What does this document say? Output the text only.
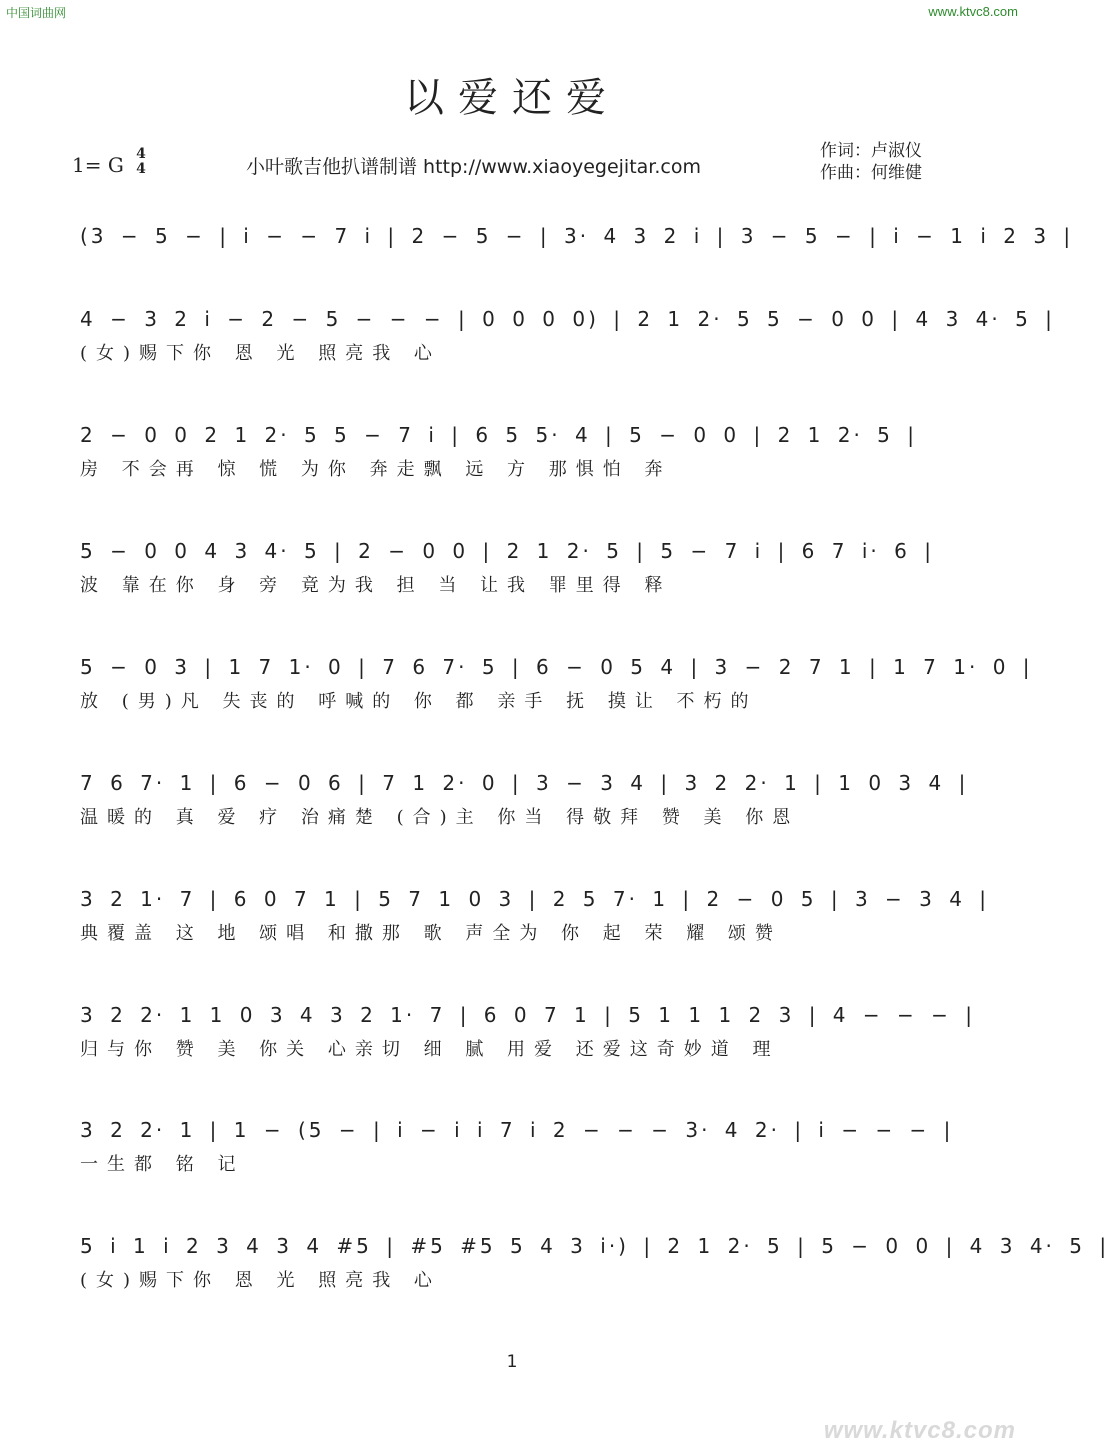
中国词曲网	www.ktvc8.com
以爱还爱
1= G 4
4	小叶歌吉他扒谱制谱 http://www.xiaoyegejitar.com
作词：卢淑仪
作曲：何维健
(3 − 5 − | i − − 7 i | 2 − 5 − | 3· 4 3 2 i | 3 − 5 − | i − 1 i 2 3 |
4 − 3 2 i − 2 − 5 − − − | 0 0 0 0) | 2 1 2· 5 5 − 0 0 | 4 3 4· 5 |
(女)赐下你 恩 光 照亮我 心
2 − 0 0 2 1 2· 5 5 − 7 i | 6 5 5· 4 | 5 − 0 0 | 2 1 2· 5 |
房 不会再 惊 慌 为你 奔走飘 远 方 那惧怕 奔
5 − 0 0 4 3 4· 5 | 2 − 0 0 | 2 1 2· 5 | 5 − 7 i | 6 7 i· 6 |
波 靠在你 身 旁 竟为我 担 当 让我 罪里得 释
5 − 0 3 | 1 7 1· 0 | 7 6 7· 5 | 6 − 0 5 4 | 3 − 2 7 1 | 1 7 1· 0 |
放 (男)凡 失丧的 呼喊的 你 都 亲手 抚 摸让 不朽的
7 6 7· 1 | 6 − 0 6 | 7 1 2· 0 | 3 − 3 4 | 3 2 2· 1 | 1 0 3 4 |
温暖的 真 爱 疗 治痛楚 (合)主 你当 得敬拜 赞 美 你恩
3 2 1· 7 | 6 0 7 1 | 5 7 1 0 3 | 2 5 7· 1 | 2 − 0 5 | 3 − 3 4 |
典覆盖 这 地 颂唱 和撒那 歌 声全为 你 起 荣 耀 颂赞
3 2 2· 1 1 0 3 4 3 2 1· 7 | 6 0 7 1 | 5 1 1 1 2 3 | 4 − − − |
归与你 赞 美 你关 心亲切 细 腻 用爱 还爱这奇妙道 理
3 2 2· 1 | 1 − (5 − | i − i i 7 i 2 − − − 3· 4 2· | i − − − |
一生都 铭 记
5 i 1 i 2 3 4 3 4 #5 | #5 #5 5 4 3 i·) | 2 1 2· 5 | 5 − 0 0 | 4 3 4· 5 |
(女)赐下你 恩 光 照亮我 心
1
www.ktvc8.com
